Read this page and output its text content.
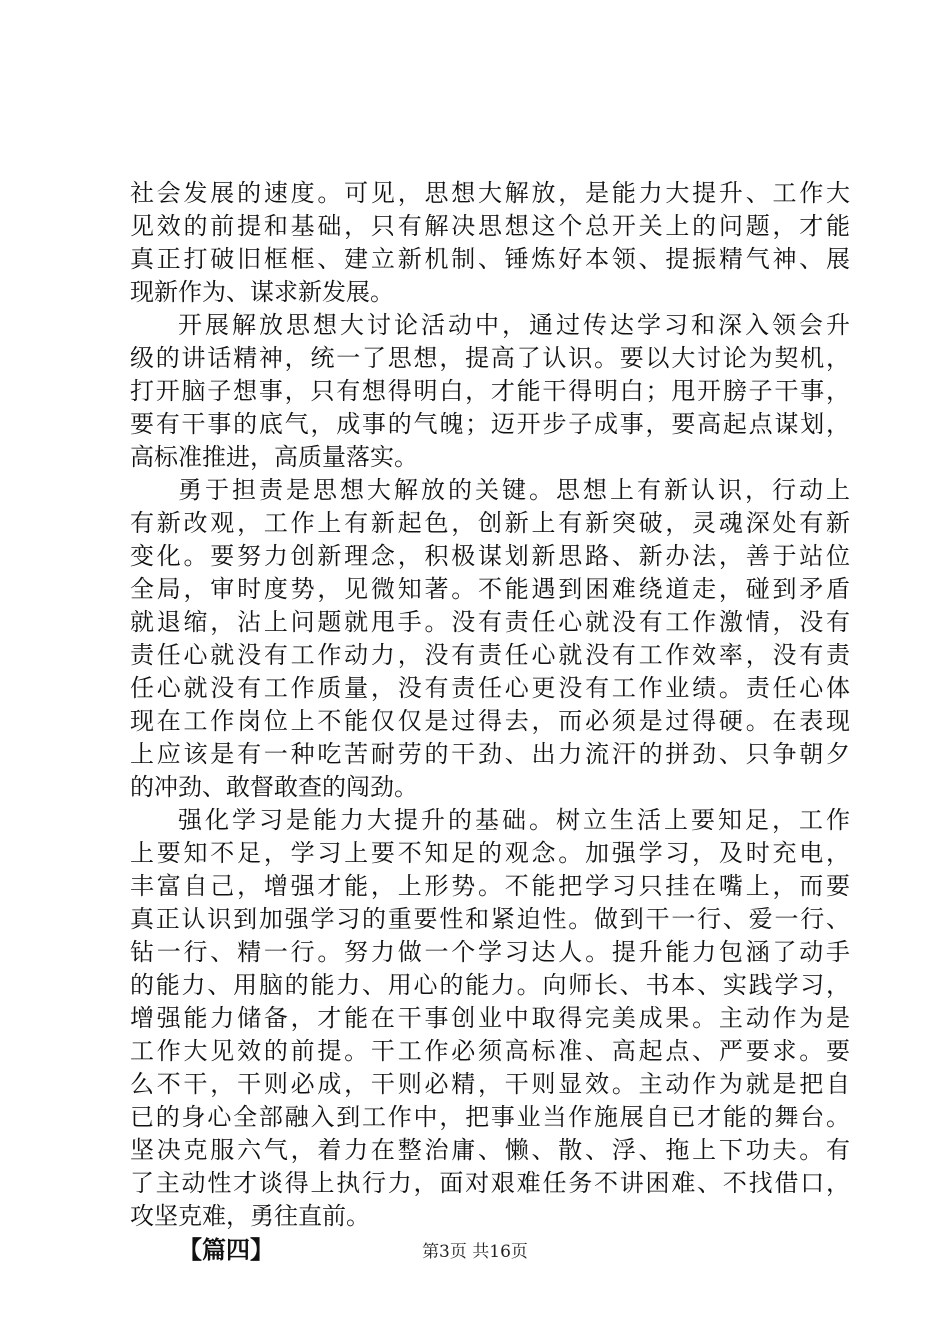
社会发展的速度。可见，思想大解放，是能力大提升、工作大
见效的前提和基础，只有解决思想这个总开关上的问题，才能
真正打破旧框框、建立新机制、锤炼好本领、提振精气神、展
现新作为、谋求新发展。
开展解放思想大讨论活动中，通过传达学习和深入领会升
级的讲话精神，统一了思想，提高了认识。要以大讨论为契机，
打开脑子想事，只有想得明白，才能干得明白；甩开膀子干事，
要有干事的底气，成事的气魄；迈开步子成事，要高起点谋划，
高标准推进，高质量落实。
勇于担责是思想大解放的关键。思想上有新认识，行动上
有新改观，工作上有新起色，创新上有新突破，灵魂深处有新
变化。要努力创新理念，积极谋划新思路、新办法，善于站位
全局，审时度势，见微知著。不能遇到困难绕道走，碰到矛盾
就退缩，沾上问题就甩手。没有责任心就没有工作激情，没有
责任心就没有工作动力，没有责任心就没有工作效率，没有责
任心就没有工作质量，没有责任心更没有工作业绩。责任心体
现在工作岗位上不能仅仅是过得去，而必须是过得硬。在表现
上应该是有一种吃苦耐劳的干劲、出力流汗的拼劲、只争朝夕
的冲劲、敢督敢查的闯劲。
强化学习是能力大提升的基础。树立生活上要知足，工作
上要知不足，学习上要不知足的观念。加强学习，及时充电，
丰富自己，增强才能，上形势。不能把学习只挂在嘴上，而要
真正认识到加强学习的重要性和紧迫性。做到干一行、爱一行、
钻一行、精一行。努力做一个学习达人。提升能力包涵了动手
的能力、用脑的能力、用心的能力。向师长、书本、实践学习，
增强能力储备，才能在干事创业中取得完美成果。主动作为是
工作大见效的前提。干工作必须高标准、高起点、严要求。要
么不干，干则必成，干则必精，干则显效。主动作为就是把自
已的身心全部融入到工作中，把事业当作施展自已才能的舞台。
坚决克服六气，着力在整治庸、懒、散、浮、拖上下功夫。有
了主动性才谈得上执行力，面对艰难任务不讲困难、不找借口，
攻坚克难，勇往直前。
【篇四】	第3页 共16页
